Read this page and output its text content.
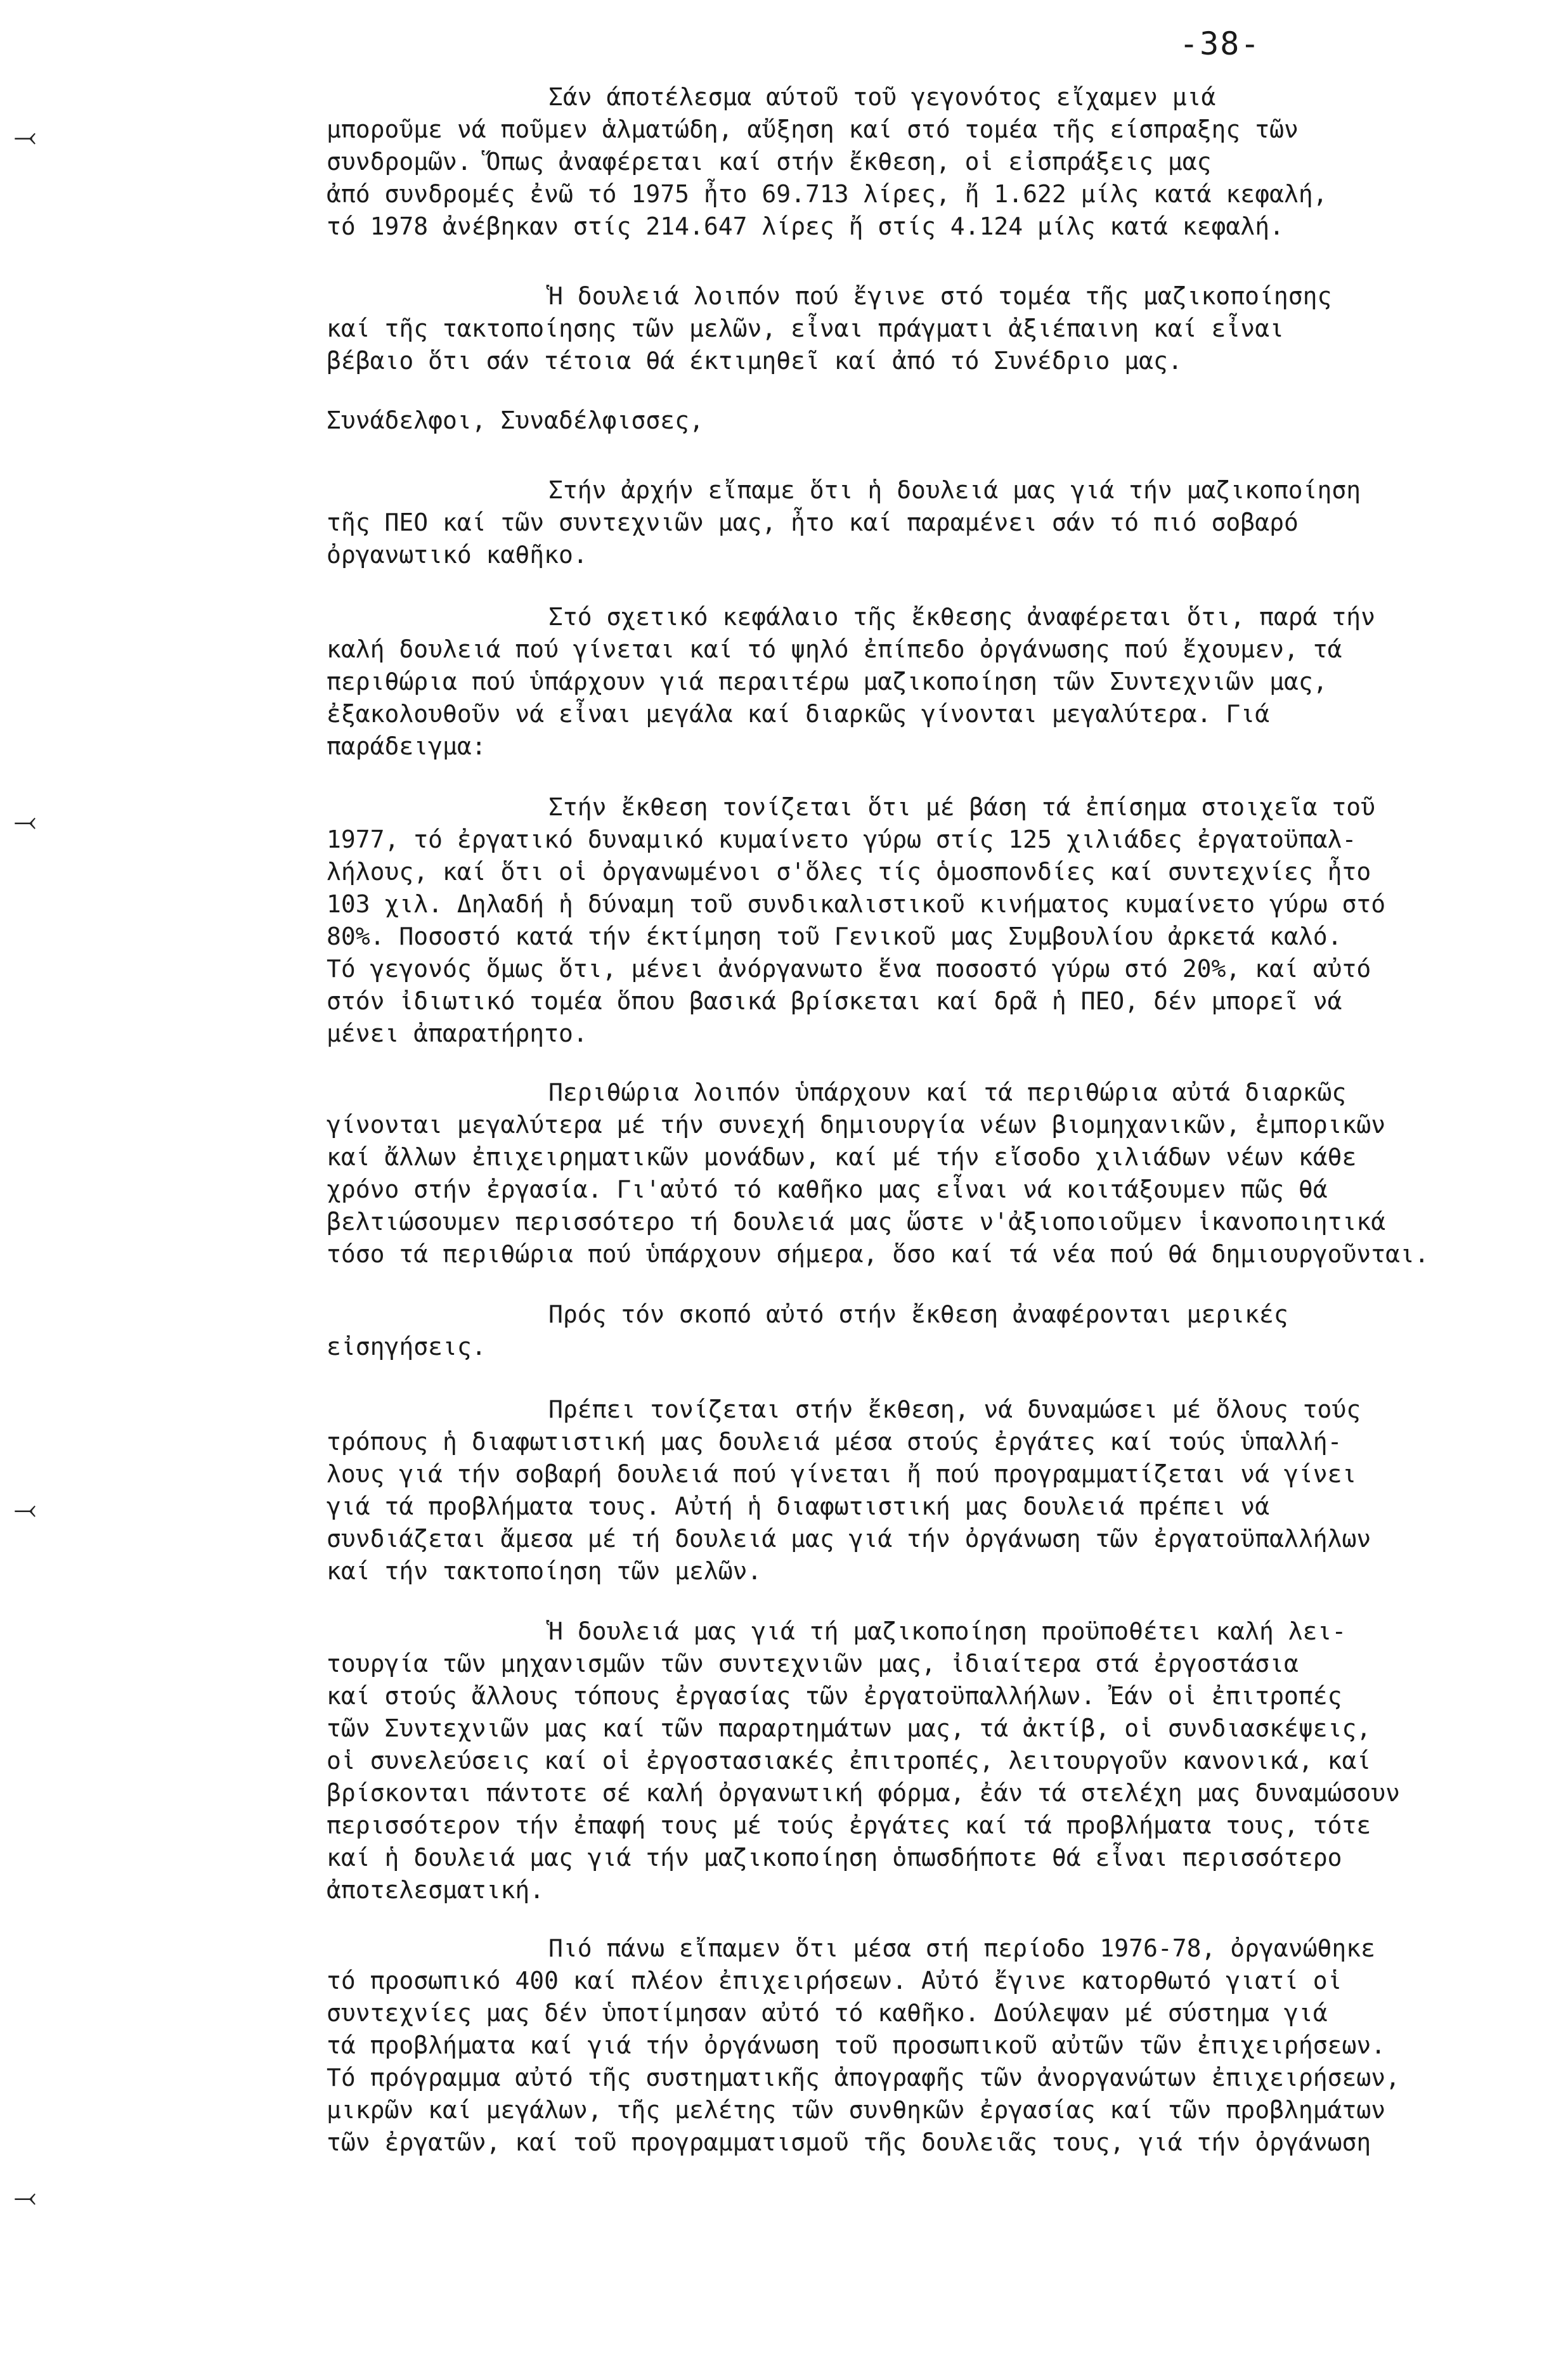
-38-
⤙
⤙
⤙
⤙
Σάν άποτέλεσμα αύτοῦ τοῦ γεγονότος εἴχαμεν μιά
μποροῦμε νά ποῦμεν ἁλματώδη, αὔξηση καί στό τομέα τῆς είσπραξης τῶν
συνδρομῶν. Ὅπως ἀναφέρεται καί στήν ἔκθεση, οἱ εἰσπράξεις μας
ἀπό συνδρομές ἐνῶ τό 1975 ἦτο 69.713 λίρες, ἤ 1.622 μίλς κατά κεφαλή,
τό 1978 ἀνέβηκαν στίς 214.647 λίρες ἤ στίς 4.124 μίλς κατά κεφαλή.
Ἡ δουλειά λοιπόν πού ἔγινε στό τομέα τῆς μαζικοποίησης
καί τῆς τακτοποίησης τῶν μελῶν, εἶναι πράγματι ἀξιέπαινη καί εἶναι
βέβαιο ὅτι σάν τέτοια θά έκτιμηθεῖ καί ἀπό τό Συνέδριο μας.
Συνάδελφοι, Συναδέλφισσες,
Στήν ἀρχήν εἴπαμε ὅτι ἡ δουλειά μας γιά τήν μαζικοποίηση
τῆς ΠΕΟ καί τῶν συντεχνιῶν μας, ἦτο καί παραμένει σάν τό πιό σοβαρό
ὀργανωτικό καθῆκο.
Στό σχετικό κεφάλαιο τῆς ἔκθεσης ἀναφέρεται ὅτι, παρά τήν
καλή δουλειά πού γίνεται καί τό ψηλό ἐπίπεδο ὀργάνωσης πού ἔχουμεν, τά
περιθώρια πού ὑπάρχουν γιά περαιτέρω μαζικοποίηση τῶν Συντεχνιῶν μας,
ἐξακολουθοῦν νά εἶναι μεγάλα καί διαρκῶς γίνονται μεγαλύτερα. Γιά
παράδειγμα:
Στήν ἔκθεση τονίζεται ὅτι μέ βάση τά ἐπίσημα στοιχεῖα τοῦ
1977, τό ἐργατικό δυναμικό κυμαίνετο γύρω στίς 125 χιλιάδες ἐργατοϋπαλ-
λήλους, καί ὅτι οἱ ὀργανωμένοι σ'ὅλες τίς ὁμοσπονδίες καί συντεχνίες ἦτο
103 χιλ. Δηλαδή ἡ δύναμη τοῦ συνδικαλιστικοῦ κινήματος κυμαίνετο γύρω στό
80%. Ποσοστό κατά τήν έκτίμηση τοῦ Γενικοῦ μας Συμβουλίου ἀρκετά καλό.
Τό γεγονός ὅμως ὅτι, μένει ἀνόργανωτο ἕνα ποσοστό γύρω στό 20%, καί αὐτό
στόν ἰδιωτικό τομέα ὅπου βασικά βρίσκεται καί δρᾶ ἡ ΠΕΟ, δέν μπορεῖ νά
μένει ἀπαρατήρητο.
Περιθώρια λοιπόν ὑπάρχουν καί τά περιθώρια αὐτά διαρκῶς
γίνονται μεγαλύτερα μέ τήν συνεχή δημιουργία νέων βιομηχανικῶν, ἐμπορικῶν
καί ἄλλων ἐπιχειρηματικῶν μονάδων, καί μέ τήν εἴσοδο χιλιάδων νέων κάθε
χρόνο στήν ἐργασία. Γι'αὐτό τό καθῆκο μας εἶναι νά κοιτάξουμεν πῶς θά
βελτιώσουμεν περισσότερο τή δουλειά μας ὥστε ν'ἀξιοποιοῦμεν ἱκανοποιητικά
τόσο τά περιθώρια πού ὑπάρχουν σήμερα, ὅσο καί τά νέα πού θά δημιουργοῦνται.
Πρός τόν σκοπό αὐτό στήν ἔκθεση ἀναφέρονται μερικές
εἰσηγήσεις.
Πρέπει τονίζεται στήν ἔκθεση, νά δυναμώσει μέ ὅλους τούς
τρόπους ἡ διαφωτιστική μας δουλειά μέσα στούς ἐργάτες καί τούς ὑπαλλή-
λους γιά τήν σοβαρή δουλειά πού γίνεται ἤ πού προγραμματίζεται νά γίνει
γιά τά προβλήματα τους. Αὐτή ἡ διαφωτιστική μας δουλειά πρέπει νά
συνδιάζεται ἄμεσα μέ τή δουλειά μας γιά τήν ὀργάνωση τῶν ἐργατοϋπαλλήλων
καί τήν τακτοποίηση τῶν μελῶν.
Ἡ δουλειά μας γιά τή μαζικοποίηση προϋποθέτει καλή λει-
τουργία τῶν μηχανισμῶν τῶν συντεχνιῶν μας, ἰδιαίτερα στά ἐργοστάσια
καί στούς ἄλλους τόπους ἐργασίας τῶν ἐργατοϋπαλλήλων. Ἐάν οἱ ἐπιτροπές
τῶν Συντεχνιῶν μας καί τῶν παραρτημάτων μας, τά ἀκτίβ, οἱ συνδιασκέψεις,
οἱ συνελεύσεις καί οἱ ἐργοστασιακές ἐπιτροπές, λειτουργοῦν κανονικά, καί
βρίσκονται πάντοτε σέ καλή ὀργανωτική φόρμα, ἐάν τά στελέχη μας δυναμώσουν
περισσότερον τήν ἐπαφή τους μέ τούς ἐργάτες καί τά προβλήματα τους, τότε
καί ἡ δουλειά μας γιά τήν μαζικοποίηση ὁπωσδήποτε θά εἶναι περισσότερο
ἀποτελεσματική.
Πιό πάνω εἴπαμεν ὅτι μέσα στή περίοδο 1976-78, ὀργανώθηκε
τό προσωπικό 400 καί πλέον ἐπιχειρήσεων. Αὐτό ἔγινε κατορθωτό γιατί οἱ
συντεχνίες μας δέν ὑποτίμησαν αὐτό τό καθῆκο. Δούλεψαν μέ σύστημα γιά
τά προβλήματα καί γιά τήν ὀργάνωση τοῦ προσωπικοῦ αὐτῶν τῶν ἐπιχειρήσεων.
Τό πρόγραμμα αὐτό τῆς συστηματικῆς ἀπογραφῆς τῶν ἀνοργανώτων ἐπιχειρήσεων,
μικρῶν καί μεγάλων, τῆς μελέτης τῶν συνθηκῶν ἐργασίας καί τῶν προβλημάτων
τῶν ἐργατῶν, καί τοῦ προγραμματισμοῦ τῆς δουλειᾶς τους, γιά τήν ὀργάνωση
